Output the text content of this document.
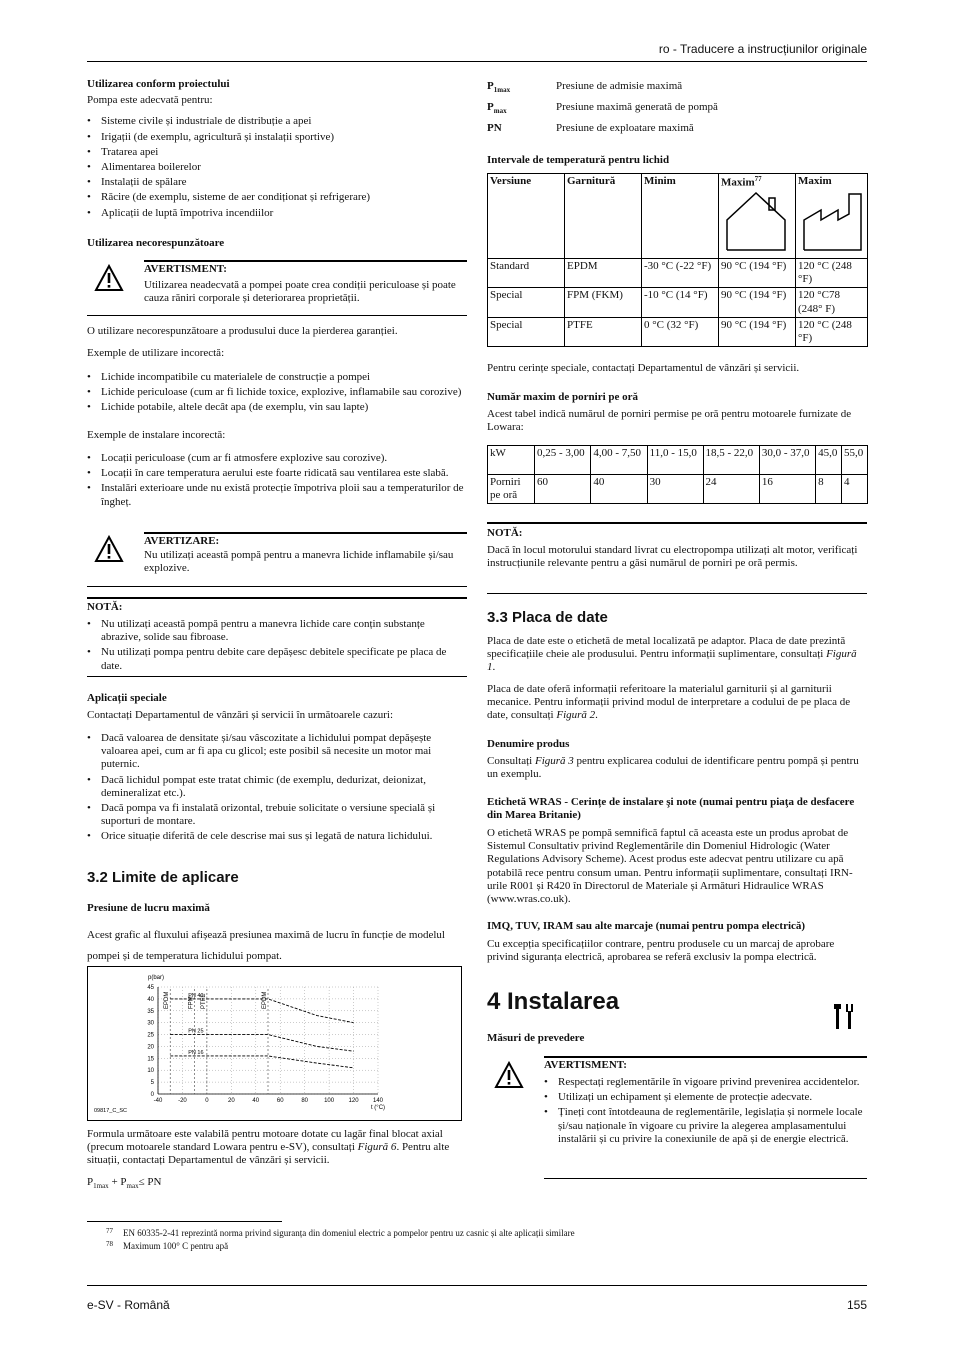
ro - Traducere a instrucțiunilor originale
Utilizarea conform proiectului
Pompa este adecvată pentru:
• Sisteme civile și industriale de distribuție a apei
• Irigații (de exemplu, agricultură și instalații sportive)
• Tratarea apei
• Alimentarea boilerelor
• Instalații de spălare
• Răcire (de exemplu, sisteme de aer condiționat și refrigerare)
• Aplicații de luptă împotriva incendiilor
Utilizarea necorespunzătoare
AVERTISMENT:
Utilizarea neadecvată a pompei poate crea condiții periculoase și poate cauza răniri corporale și deteriorarea proprietății.
O utilizare necorespunzătoare a produsului duce la pierderea garanției.
Exemple de utilizare incorectă:
• Lichide incompatibile cu materialele de construcție a pompei
• Lichide periculoase (cum ar fi lichide toxice, explozive, inflamabile sau corozive)
• Lichide potabile, altele decât apa (de exemplu, vin sau lapte)
Exemple de instalare incorectă:
• Locații periculoase (cum ar fi atmosfere explozive sau corozive).
• Locații în care temperatura aerului este foarte ridicată sau ventilarea este slabă.
• Instalări exterioare unde nu există protecție împotriva ploii sau a temperaturilor de îngheț.
AVERTIZARE:
Nu utilizați această pompă pentru a manevra lichide inflamabile și/sau explozive.
NOTĂ:
• Nu utilizați această pompă pentru a manevra lichide care conțin substanțe abrazive, solide sau fibroase.
• Nu utilizați pompa pentru debite care depășesc debitele specificate pe placa de date.
Aplicații speciale
Contactați Departamentul de vânzări și servicii în următoarele cazuri:
• Dacă valoarea de densitate și/sau vâscozitate a lichidului pompat depășește valoarea apei, cum ar fi apa cu glicol; este posibil să necesite un motor mai puternic.
• Dacă lichidul pompat este tratat chimic (de exemplu, dedurizat, deionizat, demineralizat etc.).
• Dacă pompa va fi instalată orizontal, trebuie solicitate o versiune specială și suporturi de montare.
• Orice situație diferită de cele descrise mai sus și legată de natura lichidului.
3.2 Limite de aplicare
Presiune de lucru maximă
Acest grafic al fluxului afișează presiunea maximă de lucru în funcție de modelul pompei și de temperatura lichidului pompat.
-40	-20	0	20	40	60	80	100 120 140
0
5
10
15
20
25
30
35
40
45
p(bar)
t (°C)
09817_C_SC
EPDM	FPM PTFE	EPDM
PN 40
PN 25
PN 16
Formula următoare este valabilă pentru motoare dotate cu lagăr final blocat axial (precum motoarele standard Lowara pentru e-SV), consultați Figură 6. Pentru alte situații, contactați Departamentul de vânzări și servicii.
$P_{1max} + P_{max}\le$ PN
$P_{1max}$	Presiune de admisie maximă
$P_{max}$	Presiune maximă generată de pompă
PN	Presiune de exploatare maximă
Intervale de temperatură pentru lichid
Versiune	Garnitură	Minim	Maxim$^{77}$	Maxim

Standard	EPDM	-30 °C (-22 °F)	90 °C (194 °F)	120 °C (248 °F)
Special	FPM (FKM)	-10 °C (14 °F)	90 °C (194 °F)	120 °C78 (248° F)
Special	PTFE	0 °C (32 °F)	90 °C (194 °F)	120 °C (248 °F)
Pentru cerințe speciale, contactați Departamentul de vânzări și servicii.
Număr maxim de porniri pe oră
Acest tabel indică numărul de porniri permise pe oră pentru motoarele furnizate de Lowara:
kW	0,25 - 3,00	4,00 - 7,50	11,0 - 15,0	18,5 - 22,0	30,0 - 37,0	45,0	55,0
Porniri pe oră	60	40	30	24	16	8	4
NOTĂ:
Dacă în locul motorului standard livrat cu electropompa utilizați alt motor, verificați instrucțiunile relevante pentru a găsi numărul de porniri pe oră permis.
3.3 Placa de date
Placa de date este o etichetă de metal localizată pe adaptor. Placa de date prezintă specificațiile cheie ale produsului. Pentru informații suplimentare, consultați Figură 1.
Placa de date oferă informații referitoare la materialul garniturii și al garniturii mecanice. Pentru informații privind modul de interpretare a codului de pe placa de date, consultați Figură 2.
Denumire produs
Consultați Figură 3 pentru explicarea codului de identificare pentru pompă și pentru un exemplu.
Etichetă WRAS - Cerințe de instalare şi note (numai pentru piaţa de desfacere din Marea Britanie)
O etichetă WRAS pe pompă semnifică faptul că aceasta este un produs aprobat de Sistemul Consultativ privind Reglementările din Domeniul Hidrologic (Water Regulations Advisory Scheme). Acest produs este adecvat pentru utilizare cu apă potabilă rece pentru consum uman. Pentru informații suplimentare, consultați IRN-urile R001 și R420 în Directorul de Materiale și Armături Hidraulice WRAS (www.wras.co.uk).
IMQ, TUV, IRAM sau alte marcaje (numai pentru pompa electrică)
Cu excepția specificațiilor contrare, pentru produsele cu un marcaj de aprobare privind siguranța electrică, aprobarea se referă exclusiv la pompa electrică.
4 Instalarea
Măsuri de prevedere
AVERTISMENT:
• Respectați reglementările în vigoare privind prevenirea accidentelor.
• Utilizați un echipament și elemente de protecție adecvate.
• Țineți cont întotdeauna de reglementările, legislația și normele locale și/sau naționale în vigoare cu privire la alegerea amplasamentului instalării și cu privire la conexiunile de apă și de energie electrică.
$^{77}$ EN 60335-2-41 reprezintă norma privind siguranța din domeniul electric a pompelor pentru uz casnic și alte aplicații similare
$^{78}$ Maximum 100° C pentru apă
e-SV - Română	155
